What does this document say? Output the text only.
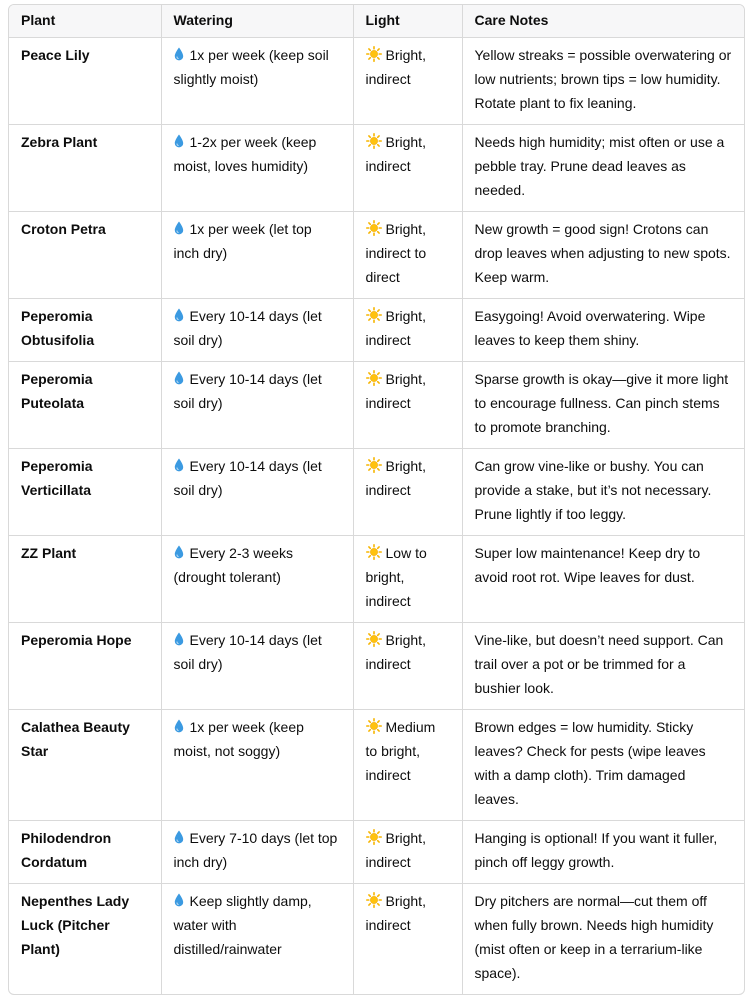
Plant	Watering	Light	Care Notes
Peace Lily	1x per week (keep soil slightly moist)	Bright, indirect	Yellow streaks = possible overwatering or low nutrients; brown tips = low humidity. Rotate plant to fix leaning.
Zebra Plant	1-2x per week (keep moist, loves humidity)	Bright, indirect	Needs high humidity; mist often or use a pebble tray. Prune dead leaves as needed.
Croton Petra	1x per week (let top inch dry)	Bright, indirect to direct	New growth = good sign! Crotons can drop leaves when adjusting to new spots. Keep warm.
Peperomia Obtusifolia	Every 10-14 days (let soil dry)	Bright, indirect	Easygoing! Avoid overwatering. Wipe leaves to keep them shiny.
Peperomia Puteolata	Every 10-14 days (let soil dry)	Bright, indirect	Sparse growth is okay—give it more light to encourage fullness. Can pinch stems to promote branching.
Peperomia Verticillata	Every 10-14 days (let soil dry)	Bright, indirect	Can grow vine-like or bushy. You can provide a stake, but it’s not necessary. Prune lightly if too leggy.
ZZ Plant	Every 2-3 weeks (drought tolerant)	Low to bright, indirect	Super low maintenance! Keep dry to avoid root rot. Wipe leaves for dust.
Peperomia Hope	Every 10-14 days (let soil dry)	Bright, indirect	Vine-like, but doesn’t need support. Can trail over a pot or be trimmed for a bushier look.
Calathea Beauty Star	1x per week (keep moist, not soggy)	Medium to bright, indirect	Brown edges = low humidity. Sticky leaves? Check for pests (wipe leaves with a damp cloth). Trim damaged leaves.
Philodendron Cordatum	Every 7-10 days (let top inch dry)	Bright, indirect	Hanging is optional! If you want it fuller, pinch off leggy growth.
Nepenthes Lady Luck (Pitcher Plant)	Keep slightly damp, water with distilled/rainwater	Bright, indirect	Dry pitchers are normal—cut them off when fully brown. Needs high humidity (mist often or keep in a terrarium-like space).
